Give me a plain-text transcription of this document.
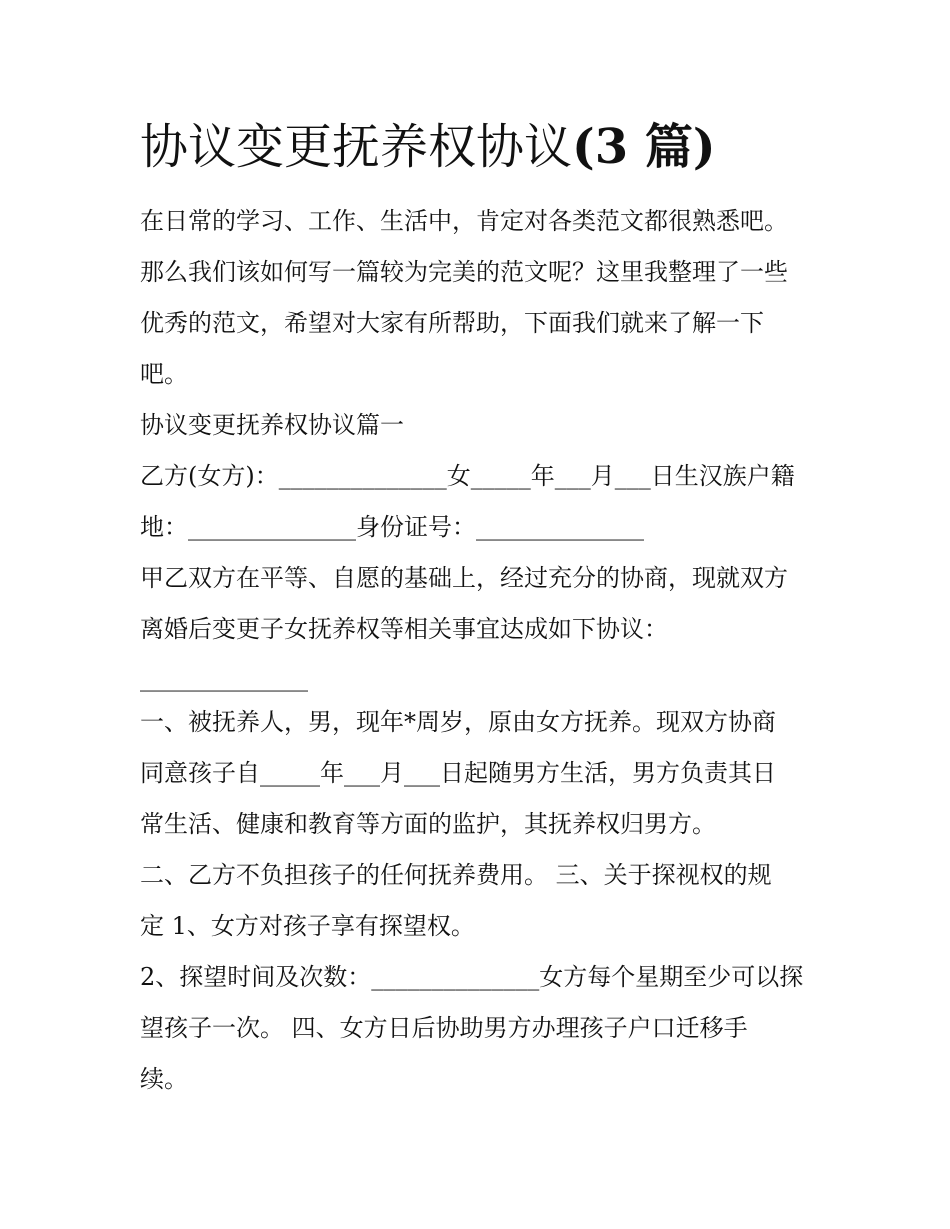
协议变更抚养权协议(3 篇)

在日常的学习、工作、生活中，肯定对各类范文都很熟悉吧。

那么我们该如何写一篇较为完美的范文呢？这里我整理了一些

优秀的范文，希望对大家有所帮助，下面我们就来了解一下

吧。

协议变更抚养权协议篇一

乙方(女方)：______________女_____年___月___日生汉族户籍

地：______________身份证号：______________

甲乙双方在平等、自愿的基础上，经过充分的协商，现就双方

离婚后变更子女抚养权等相关事宜达成如下协议：

______________

一、被抚养人，男，现年*周岁，原由女方抚养。现双方协商

同意孩子自_____年___月___日起随男方生活，男方负责其日

常生活、健康和教育等方面的监护，其抚养权归男方。

二、乙方不负担孩子的任何抚养费用。 三、关于探视权的规

定 1、女方对孩子享有探望权。

2、探望时间及次数：______________女方每个星期至少可以探

望孩子一次。 四、女方日后协助男方办理孩子户口迁移手

续。
